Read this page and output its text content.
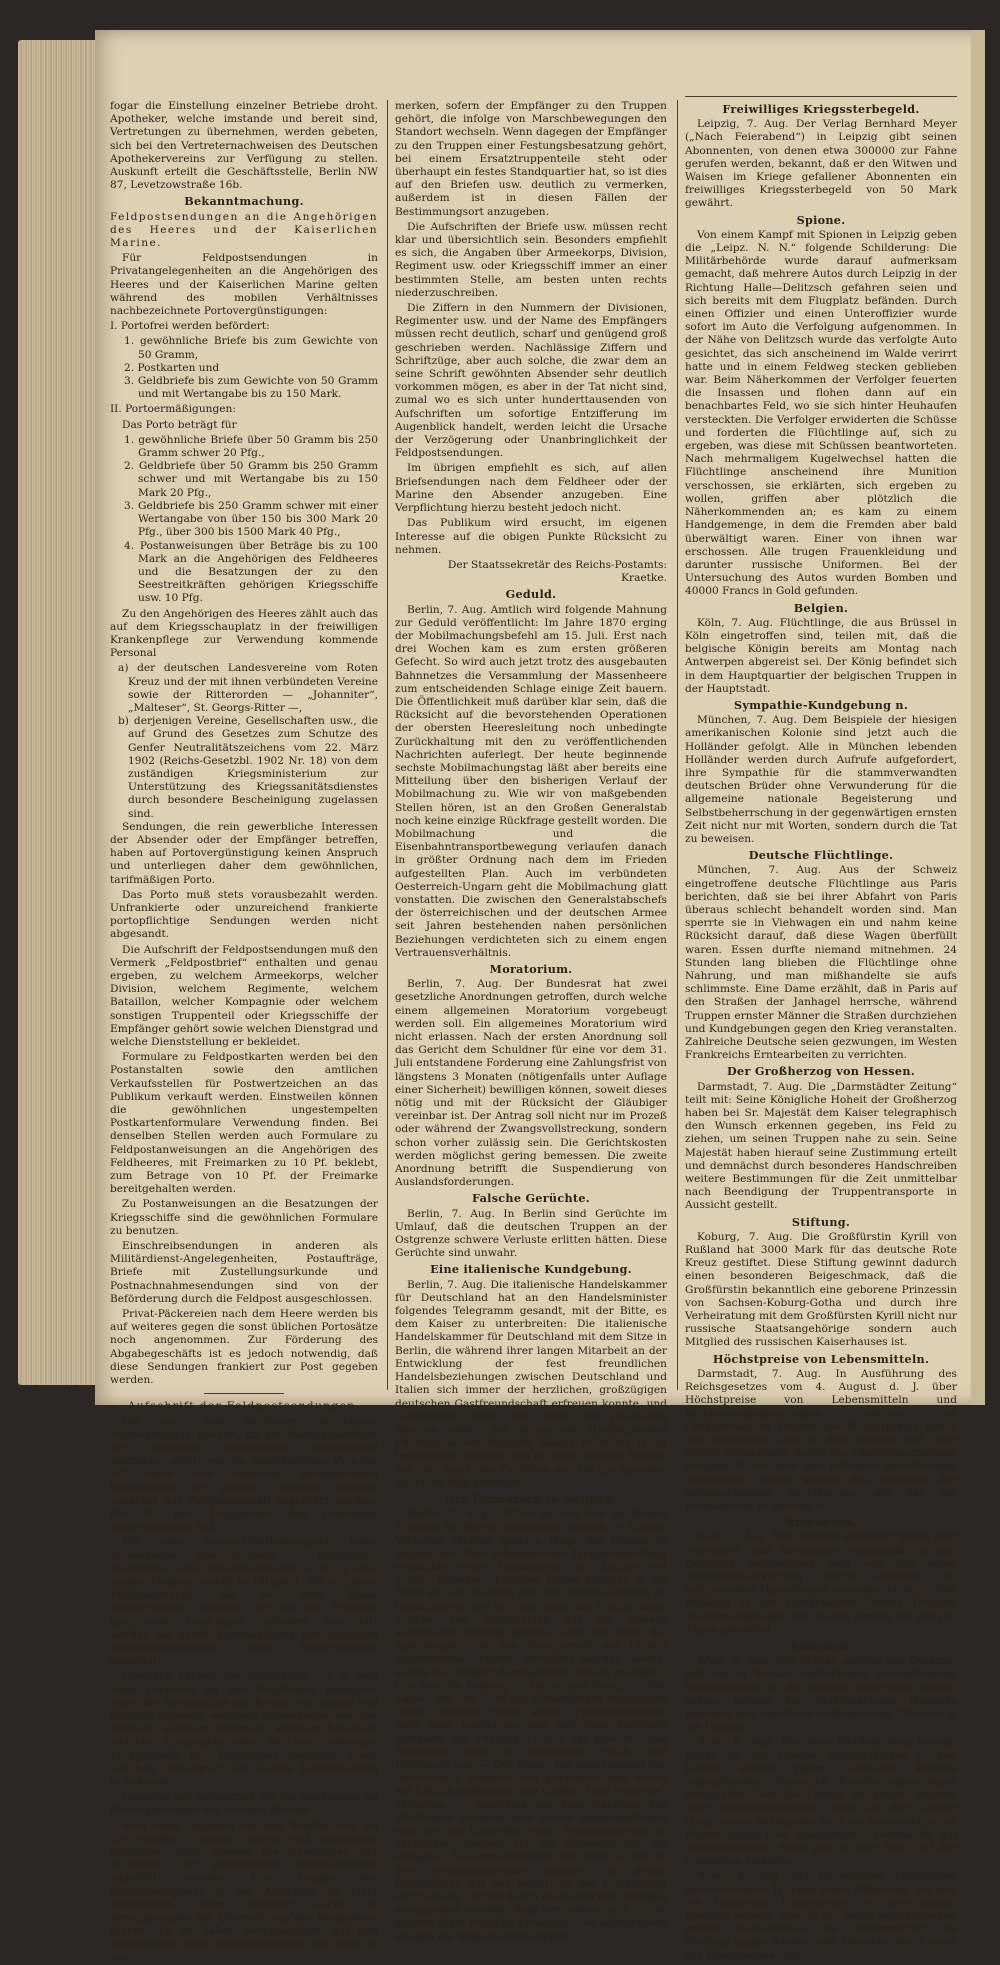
fogar die Einstellung einzelner Betriebe droht. Apotheker, welche imstande und bereit sind, Vertretungen zu übernehmen, werden gebeten, sich bei den Vertreternachweisen des Deutschen Apothekervereins zur Verfügung zu stellen. Auskunft erteilt die Geschäftsstelle, Berlin NW 87, Levetzowstraße 16b.

Bekanntmachung.

Feldpostsendungen an die Angehörigen des Heeres und der Kaiserlichen Marine.

Für Feldpostsendungen in Privatangelegenheiten an die Angehörigen des Heeres und der Kaiserlichen Marine gelten während des mobilen Verhältnisses nachbezeichnete Portovergünstigungen:

I. Portofrei werden befördert:

1. gewöhnliche Briefe bis zum Gewichte von 50 Gramm,

2. Postkarten und

3. Geldbriefe bis zum Gewichte von 50 Gramm und mit Wertangabe bis zu 150 Mark.

II. Portoermäßigungen:

Das Porto beträgt für

1. gewöhnliche Briefe über 50 Gramm bis 250 Gramm schwer 20 Pfg.,

2. Geldbriefe über 50 Gramm bis 250 Gramm schwer und mit Wertangabe bis zu 150 Mark 20 Pfg.,

3. Geldbriefe bis 250 Gramm schwer mit einer Wertangabe von über 150 bis 300 Mark 20 Pfg., über 300 bis 1500 Mark 40 Pfg.,

4. Postanweisungen über Beträge bis zu 100 Mark an die Angehörigen des Feldheeres und die Besatzungen der zu den Seestreitkräften gehörigen Kriegsschiffe usw. 10 Pfg.

Zu den Angehörigen des Heeres zählt auch das auf dem Kriegsschauplatz in der freiwilligen Krankenpflege zur Verwendung kommende Personal

a) der deutschen Landesvereine vom Roten Kreuz und der mit ihnen verbündeten Vereine sowie der Ritterorden — „Johanniter“, „Malteser“, St. Georgs-Ritter —,

b) derjenigen Vereine, Gesellschaften usw., die auf Grund des Gesetzes zum Schutze des Genfer Neutralitätszeichens vom 22. März 1902 (Reichs-Gesetzbl. 1902 Nr. 18) von dem zuständigen Kriegsministerium zur Unterstützung des Kriegssanitätsdienstes durch besondere Bescheinigung zugelassen sind.

Sendungen, die rein gewerbliche Interessen der Absender oder der Empfänger betreffen, haben auf Portovergünstigung keinen Anspruch und unterliegen daher dem gewöhnlichen, tarifmäßigen Porto.

Das Porto muß stets vorausbezahlt werden. Unfrankierte oder unzureichend frankierte portopflichtige Sendungen werden nicht abgesandt.

Die Aufschrift der Feldpostsendungen muß den Vermerk „Feldpostbrief“ enthalten und genau ergeben, zu welchem Armeekorps, welcher Division, welchem Regimente, welchem Bataillon, welcher Kompagnie oder welchem sonstigen Truppenteil oder Kriegsschiffe der Empfänger gehört sowie welchen Dienstgrad und welche Dienststellung er bekleidet.

Formulare zu Feldpostkarten werden bei den Postanstalten sowie den amtlichen Verkaufsstellen für Postwertzeichen an das Publikum verkauft werden. Einstweilen können die gewöhnlichen ungestempelten Postkartenformulare Verwendung finden. Bei denselben Stellen werden auch Formulare zu Feldpostanweisungen an die Angehörigen des Feldheeres, mit Freimarken zu 10 Pf. beklebt, zum Betrage von 10 Pf. der Freimarke bereitgehalten werden.

Zu Postanweisungen an die Besatzungen der Kriegsschiffe sind die gewöhnlichen Formulare zu benutzen.

Einschreibsendungen in anderen als Militärdienst-Angelegenheiten, Postaufträge, Briefe mit Zustellungsurkunde und Postnachnahmesendungen sind von der Beförderung durch die Feldpost ausgeschlossen.

Privat-Päckereien nach dem Heere werden bis auf weiteres gegen die sonst üblichen Portosätze noch angenommen. Zur Förderung des Abgabegeschäfts ist es jedoch notwendig, daß diese Sendungen frankiert zur Post gegeben werden.

Aufschrift der Feldpostsendungen.

Die nach dem Feldheere gerichteten Postsendungen können, da die Marschquartiere der einzelnen Truppenteile fortwährend wechseln, nicht, wie im gewöhnlichen Verkehr, auf einen vom Absender anzugebenden bestimmten Ort geleitet, sondern müssen zunächst der Feldpostanstalt zugeführt werden, die für den Truppenteil des Postdienst wahrzunehmen hat.

Mit jedes Armee-Oberkommando, jedes Armeekorps, jede Division — Infanterie-, Kavallerie- oder Reserve-Division — ist je eine mobile Feldpostanstalt in Tätigkeit. Bis zu dieser Feldpostanstalt, die bei dem Stabe mitmarschiert, werden die an die Truppen gerichteten Sendungen befördert; von dort werden sie durch Kommandierte der einzelnen Truppenabteilungen oder Detachements abgeholt.

Hiernach können die Sendungen nur in dem Falle pünktlich an den Empfänger gelangen, wenn die Aufschriften der Briefe usw. richtig und deutlich ergeben: welchem Armeekorps, welcher Division, welchem Regiment, welchem Bataillon, welcher Kompagnie oder welchem sonstigen Truppenteile der Empfänger angehört sowie welchen Dienstgrad und welche Dienststellung er bekleidet.

Dasselbe gilt sinngemäß für die Sendungen an die Angehörigen der mobilen Marine.

Sind diese Angaben auf den Briefen usw. an die mobilen Truppen richtig und vollständig enthalten, dann können die Sendungen mit Sicherheit der zutreffenden Feldpostanstalt zugeführt werden. Eine Angabe des Bestimmungsorts in der Aufschrift ist nicht erforderlich, kann vielmehr leicht zu Verzögerungen bei Übermittlung der Sendungen führen. Es ist daher zweckmäßiger, auf den Briefen usw. einen Bestimmungsort gar nicht zu ver-

merken, sofern der Empfänger zu den Truppen gehört, die infolge von Marschbewegungen den Standort wechseln. Wenn dagegen der Empfänger zu den Truppen einer Festungsbesatzung gehört, bei einem Ersatztruppenteile steht oder überhaupt ein festes Standquartier hat, so ist dies auf den Briefen usw. deutlich zu vermerken, außerdem ist in diesen Fällen der Bestimmungsort anzugeben.

Die Aufschriften der Briefe usw. müssen recht klar und übersichtlich sein. Besonders empfiehlt es sich, die Angaben über Armeekorps, Division, Regiment usw. oder Kriegsschiff immer an einer bestimmten Stelle, am besten unten rechts niederzuschreiben.

Die Ziffern in den Nummern der Divisionen, Regimenter usw. und der Name des Empfängers müssen recht deutlich, scharf und genügend groß geschrieben werden. Nachlässige Ziffern und Schriftzüge, aber auch solche, die zwar dem an seine Schrift gewöhnten Absender sehr deutlich vorkommen mögen, es aber in der Tat nicht sind, zumal wo es sich unter hunderttausenden von Aufschriften um sofortige Entzifferung im Augenblick handelt, werden leicht die Ursache der Verzögerung oder Unanbringlichkeit der Feldpostsendungen.

Im übrigen empfiehlt es sich, auf allen Briefsendungen nach dem Feldheer oder der Marine den Absender anzugeben. Eine Verpflichtung hierzu besteht jedoch nicht.

Das Publikum wird ersucht, im eigenen Interesse auf die obigen Punkte Rücksicht zu nehmen.

Der Staatssekretär des Reichs-Postamts: Kraetke.

Geduld.

Berlin, 7. Aug. Amtlich wird folgende Mahnung zur Geduld veröffentlicht: Im Jahre 1870 erging der Mobilmachungsbefehl am 15. Juli. Erst nach drei Wochen kam es zum ersten größeren Gefecht. So wird auch jetzt trotz des ausgebauten Bahnnetzes die Versammlung der Massenheere zum entscheidenden Schlage einige Zeit bauern. Die Öffentlichkeit muß darüber klar sein, daß die Rücksicht auf die bevorstehenden Operationen der obersten Heeresleitung noch unbedingte Zurückhaltung mit den zu veröffentlichenden Nachrichten auferlegt. Der heute beginnende sechste Mobilmachungstag läßt aber bereits eine Mitteilung über den bisherigen Verlauf der Mobilmachung zu. Wie wir von maßgebenden Stellen hören, ist an den Großen Generalstab noch keine einzige Rückfrage gestellt worden. Die Mobilmachung und die Eisenbahntransportbewegung verlaufen danach in größter Ordnung nach dem im Frieden aufgestellten Plan. Auch im verbündeten Oesterreich-Ungarn geht die Mobilmachung glatt vonstatten. Die zwischen den Generalstabschefs der österreichischen und der deutschen Armee seit Jahren bestehenden nahen persönlichen Beziehungen verdichteten sich zu einem engen Vertrauensverhältnis.

Moratorium.

Berlin, 7. Aug. Der Bundesrat hat zwei gesetzliche Anordnungen getroffen, durch welche einem allgemeinen Moratorium vorgebeugt werden soll. Ein allgemeines Moratorium wird nicht erlassen. Nach der ersten Anordnung soll das Gericht dem Schuldner für eine vor dem 31. Juli entstandene Forderung eine Zahlungsfrist von längstens 3 Monaten (nötigenfalls unter Auflage einer Sicherheit) bewilligen können, soweit dieses nötig und mit der Rücksicht der Gläubiger vereinbar ist. Der Antrag soll nicht nur im Prozeß oder während der Zwangsvollstreckung, sondern schon vorher zulässig sein. Die Gerichtskosten werden möglichst gering bemessen. Die zweite Anordnung betrifft die Suspendierung von Auslandsforderungen.

Falsche Gerüchte.

Berlin, 7. Aug. In Berlin sind Gerüchte im Umlauf, daß die deutschen Truppen an der Ostgrenze schwere Verluste erlitten hätten. Diese Gerüchte sind unwahr.

Eine italienische Kundgebung.

Berlin, 7. Aug. Die italienische Handelskammer für Deutschland hat an den Handelsminister folgendes Telegramm gesandt, mit der Bitte, es dem Kaiser zu unterbreiten: Die italienische Handelskammer für Deutschland mit dem Sitze in Berlin, die während ihrer langen Mitarbeit an der Entwicklung der fest freundlichen Handelsbeziehungen zwischen Deutschland und Italien sich immer der herzlichen, großzügigen deutschen Gastfreundschaft erfreuen konnte, und Gelegenheit hatte, die Größe des Deutschen Reiches unter der erlauchten friedliebenden Führung seiner Majestät Kaiser Wilhelms II. zu bewundern, schließt sich in dieser ernsten Stunde voll und ganz den Gefühlen an, die das gesamte deutsche Volk beseelen.

Der Einmarsch in Belgien.

Berlin, 7. Aug. Lüttich ist von den deutschen Truppen im Sturm genommen worden. — Unsere Vorhuten rückten gestern längs der Grenze in Belgien ein. Eine unbedeutende Truppenabteilung versuchte einen Handstreich auf Lüttich mit großer Kühnheit. Einzelne Reiter drangen in die Stadt ein und suchten sich des Kommandanten zu bemächtigen, der sich nur durch die Flucht retten konnte. Der Handstreich auf die modern ausgebaute Festung glückte nicht. Nachdem die Abteilungen, die den Handstreich auf Lüttich unternommen hatten, verstärkt worden waren, wurde der Angriff durchgeführt. Heute morgen 8 Uhr war die Festung in deutschem Besitz. — Der Kaiser, der den Chef des Generalstabs empfangen hatte, schickte einen seiner Flügeladjutanten nach dem Lustgarten und ließ dem Publikum mitteilen, die Festung Lüttich sei gefallen. Das Publikum brach in begeisterte Hoch- und Hurrarufe aus. — Der Kaiser hat dem General der Infanterie v. Emmich, der persönlich den Sturm auf Lüttich befehligte, den Orden „Pour le mérite“ verliehen. — Nachdem auf dem Gebäude des Wolffschen Bureaus eine Fahne emporgestiegen war, um das Eintreffen einer Siegesnachricht zu verkünden, begann auf der Zimmerstraße ein lebhafter Zusammenströmen der Menge, die zu den Zeitungsgebäuden drängte, an denen Extrablätter mit der Nachricht der Erstürmung der Festung Lüttich durch die deutschen Truppen ausgegeben wurden. Bald verbreitete sich in der ganzen Stadt freudige Erregung, und allenthalben stiegen die Siegesfahnen empor.

Freiwilliges Kriegssterbegeld.

Leipzig, 7. Aug. Der Verlag Bernhard Meyer („Nach Feierabend“) in Leipzig gibt seinen Abonnenten, von denen etwa 300000 zur Fahne gerufen werden, bekannt, daß er den Witwen und Waisen im Kriege gefallener Abonnenten ein freiwilliges Kriegssterbegeld von 50 Mark gewährt.

Spione.

Von einem Kampf mit Spionen in Leipzig geben die „Leipz. N. N.“ folgende Schilderung: Die Militärbehörde wurde darauf aufmerksam gemacht, daß mehrere Autos durch Leipzig in der Richtung Halle—Delitzsch gefahren seien und sich bereits mit dem Flugplatz befänden. Durch einen Offizier und einen Unteroffizier wurde sofort im Auto die Verfolgung aufgenommen. In der Nähe von Delitzsch wurde das verfolgte Auto gesichtet, das sich anscheinend im Walde verirrt hatte und in einem Feldweg stecken geblieben war. Beim Näherkommen der Verfolger feuerten die Insassen und flohen dann auf ein benachbartes Feld, wo sie sich hinter Heuhaufen versteckten. Die Verfolger erwiderten die Schüsse und forderten die Flüchtlinge auf, sich zu ergeben, was diese mit Schüssen beantworteten. Nach mehrmaligem Kugelwechsel hatten die Flüchtlinge anscheinend ihre Munition verschossen, sie erklärten, sich ergeben zu wollen, griffen aber plötzlich die Näherkommenden an; es kam zu einem Handgemenge, in dem die Fremden aber bald überwältigt waren. Einer von ihnen war erschossen. Alle trugen Frauenkleidung und darunter russische Uniformen. Bei der Untersuchung des Autos wurden Bomben und 40000 Francs in Gold gefunden.

Belgien.

Köln, 7. Aug. Flüchtlinge, die aus Brüssel in Köln eingetroffen sind, teilen mit, daß die belgische Königin bereits am Montag nach Antwerpen abgereist sei. Der König befindet sich in dem Hauptquartier der belgischen Truppen in der Hauptstadt.

Sympathie-Kundgebung n.

München, 7. Aug. Dem Beispiele der hiesigen amerikanischen Kolonie sind jetzt auch die Holländer gefolgt. Alle in München lebenden Holländer werden durch Aufrufe aufgefordert, ihre Sympathie für die stammverwandten deutschen Brüder ohne Verwunderung für die allgemeine nationale Begeisterung und Selbstbeherrschung in der gegenwärtigen ernsten Zeit nicht nur mit Worten, sondern durch die Tat zu beweisen.

Deutsche Flüchtlinge.

München, 7. Aug. Aus der Schweiz eingetroffene deutsche Flüchtlinge aus Paris berichten, daß sie bei ihrer Abfahrt von Paris überaus schlecht behandelt worden sind. Man sperrte sie in Viehwagen ein und nahm keine Rücksicht darauf, daß diese Wagen überfüllt waren. Essen durfte niemand mitnehmen. 24 Stunden lang blieben die Flüchtlinge ohne Nahrung, und man mißhandelte sie aufs schlimmste. Eine Dame erzählt, daß in Paris auf den Straßen der Janhagel herrsche, während Truppen ernster Männer die Straßen durchziehen und Kundgebungen gegen den Krieg veranstalten. Zahlreiche Deutsche seien gezwungen, im Westen Frankreichs Erntearbeiten zu verrichten.

Der Großherzog von Hessen.

Darmstadt, 7. Aug. Die „Darmstädter Zeitung“ teilt mit: Seine Königliche Hoheit der Großherzog haben bei Sr. Majestät dem Kaiser telegraphisch den Wunsch erkennen gegeben, ins Feld zu ziehen, um seinen Truppen nahe zu sein. Seine Majestät haben hierauf seine Zustimmung erteilt und demnächst durch besonderes Handschreiben weitere Bestimmungen für die Zeit unmittelbar nach Beendigung der Truppentransporte in Aussicht gestellt.

Stiftung.

Koburg, 7. Aug. Die Großfürstin Kyrill von Rußland hat 3000 Mark für das deutsche Rote Kreuz gestiftet. Diese Stiftung gewinnt dadurch einen besonderen Beigeschmack, daß die Großfürstin bekanntlich eine geborene Prinzessin von Sachsen-Koburg-Gotha und durch ihre Verheiratung mit dem Großfürsten Kyrill nicht nur russische Staatsangehörige sondern auch Mitglied des russischen Kaiserhauses ist.

Höchstpreise von Lebensmitteln.

Darmstadt, 7. Aug. In Ausführung des Reichsgesetzes vom 4. August d. J. über Höchstpreise von Lebensmitteln und Verbrauchsgegenständen werden im Großherzogtum Hessen die Höchstpreise durch die Kreisämter und in den Städten mit über 20000 Einwohnern durch die Oberbürgermeister festgesetzt. Sie sind den örtlichen Verhältnissen anzupassen, wobei sowohl das Interesse der verbrauchenden Bevölkerung, wie das der Produzenten zu wahren ist.

Rumänien.

Wien, 7. Aug. Von hiesiger amtlicher Stelle wird versichert, daß Rumäniens Neutralität für den Dreibund wohlwollend sein und daß seine Neutralitätserklärung durch Rußland mit militärischen Operationen beantwortet wird. Daß Rußland an der rumänischen Grenze Truppen zusammengezogen hat, wurde bereits vor einigen Tagen gemeldet.

Albanien.

Wien, 7. Aug. Die Blätter melden aus Durazzo, daß die in Skutari befindlichen internationalen Detachements in die Heimat abberufen werden sollen. Infolge der Mobilmachung Hollands begaben sich sämtliche holländischen Offiziere in die Heimat.

Wien, 8. Aug. Wie eine Wolffmeldung besagt, haben an der Grenze Mittelgaliziens in den beiden letzten Tagen zahlreiche Kämpfe stattgefunden. Russische Kavallerieabteilungen versuchten über die Grenze zu gehen, wurden aber zurückgeschlagen. Auch an der Grenze Ostgaliziens behauptete sich ein österreichischer Posten gegen eine bedeutende Uebermacht, auf österreichischer Seite gab es zwei Tote, auf der russischen zwanzig.

Wien, 8. Aug. Bei Bruwölfliess bestürmten österreichische Truppen einen Höhenzug, wo sich ein russischer Grenzkordon in verschanzter Stellung befand; obwohl der Feind Verstärkungen erhielt, behaupteten die Oesterreicher die Stellung gegen wiederholte Versuche der Russen zur Wiedereroberung.
